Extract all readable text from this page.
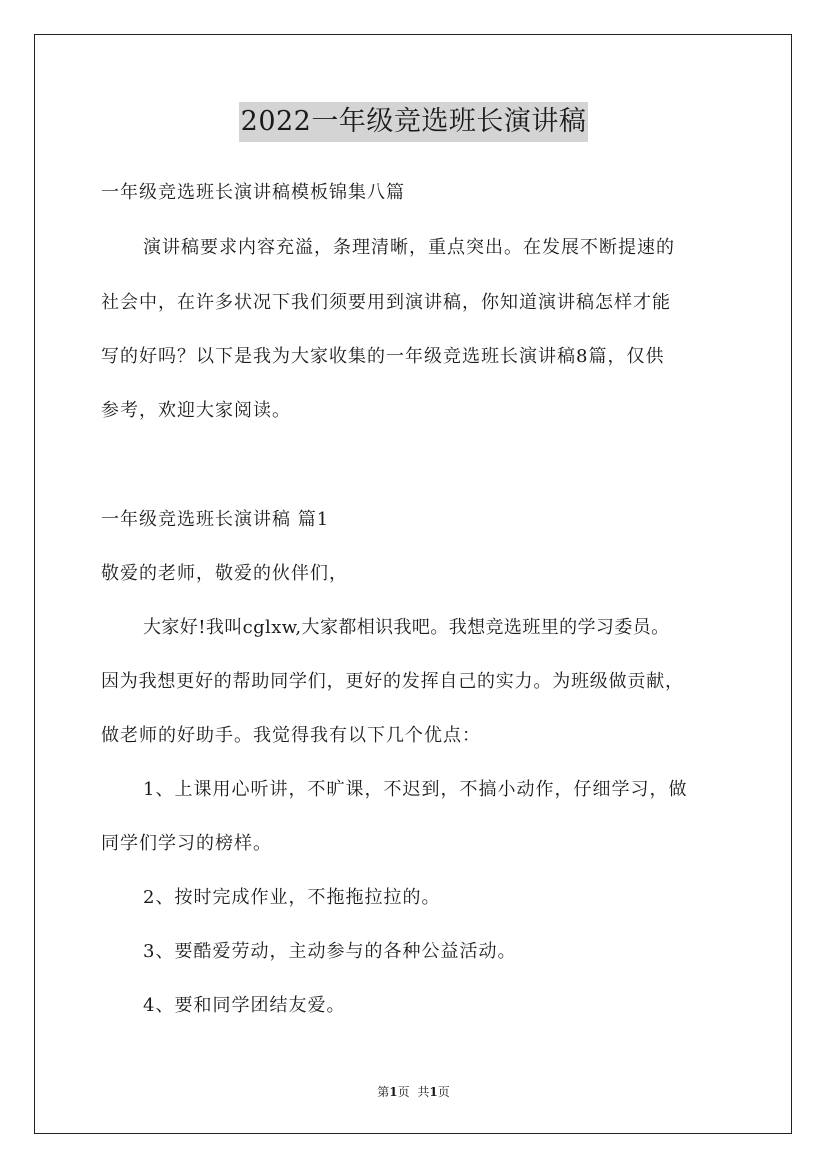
2022一年级竞选班长演讲稿
一年级竞选班长演讲稿模板锦集八篇
演讲稿要求内容充溢，条理清晰，重点突出。在发展不断提速的
社会中，在许多状况下我们须要用到演讲稿，你知道演讲稿怎样才能
写的好吗？以下是我为大家收集的一年级竞选班长演讲稿8篇，仅供
参考，欢迎大家阅读。
一年级竞选班长演讲稿 篇1
敬爱的老师，敬爱的伙伴们，
大家好!我叫cglxw,大家都相识我吧。我想竞选班里的学习委员。
因为我想更好的帮助同学们，更好的发挥自己的实力。为班级做贡献，
做老师的好助手。我觉得我有以下几个优点：
1、上课用心听讲，不旷课，不迟到，不搞小动作，仔细学习，做
同学们学习的榜样。
2、按时完成作业，不拖拖拉拉的。
3、要酷爱劳动，主动参与的各种公益活动。
4、要和同学团结友爱。
第1页 共1页
